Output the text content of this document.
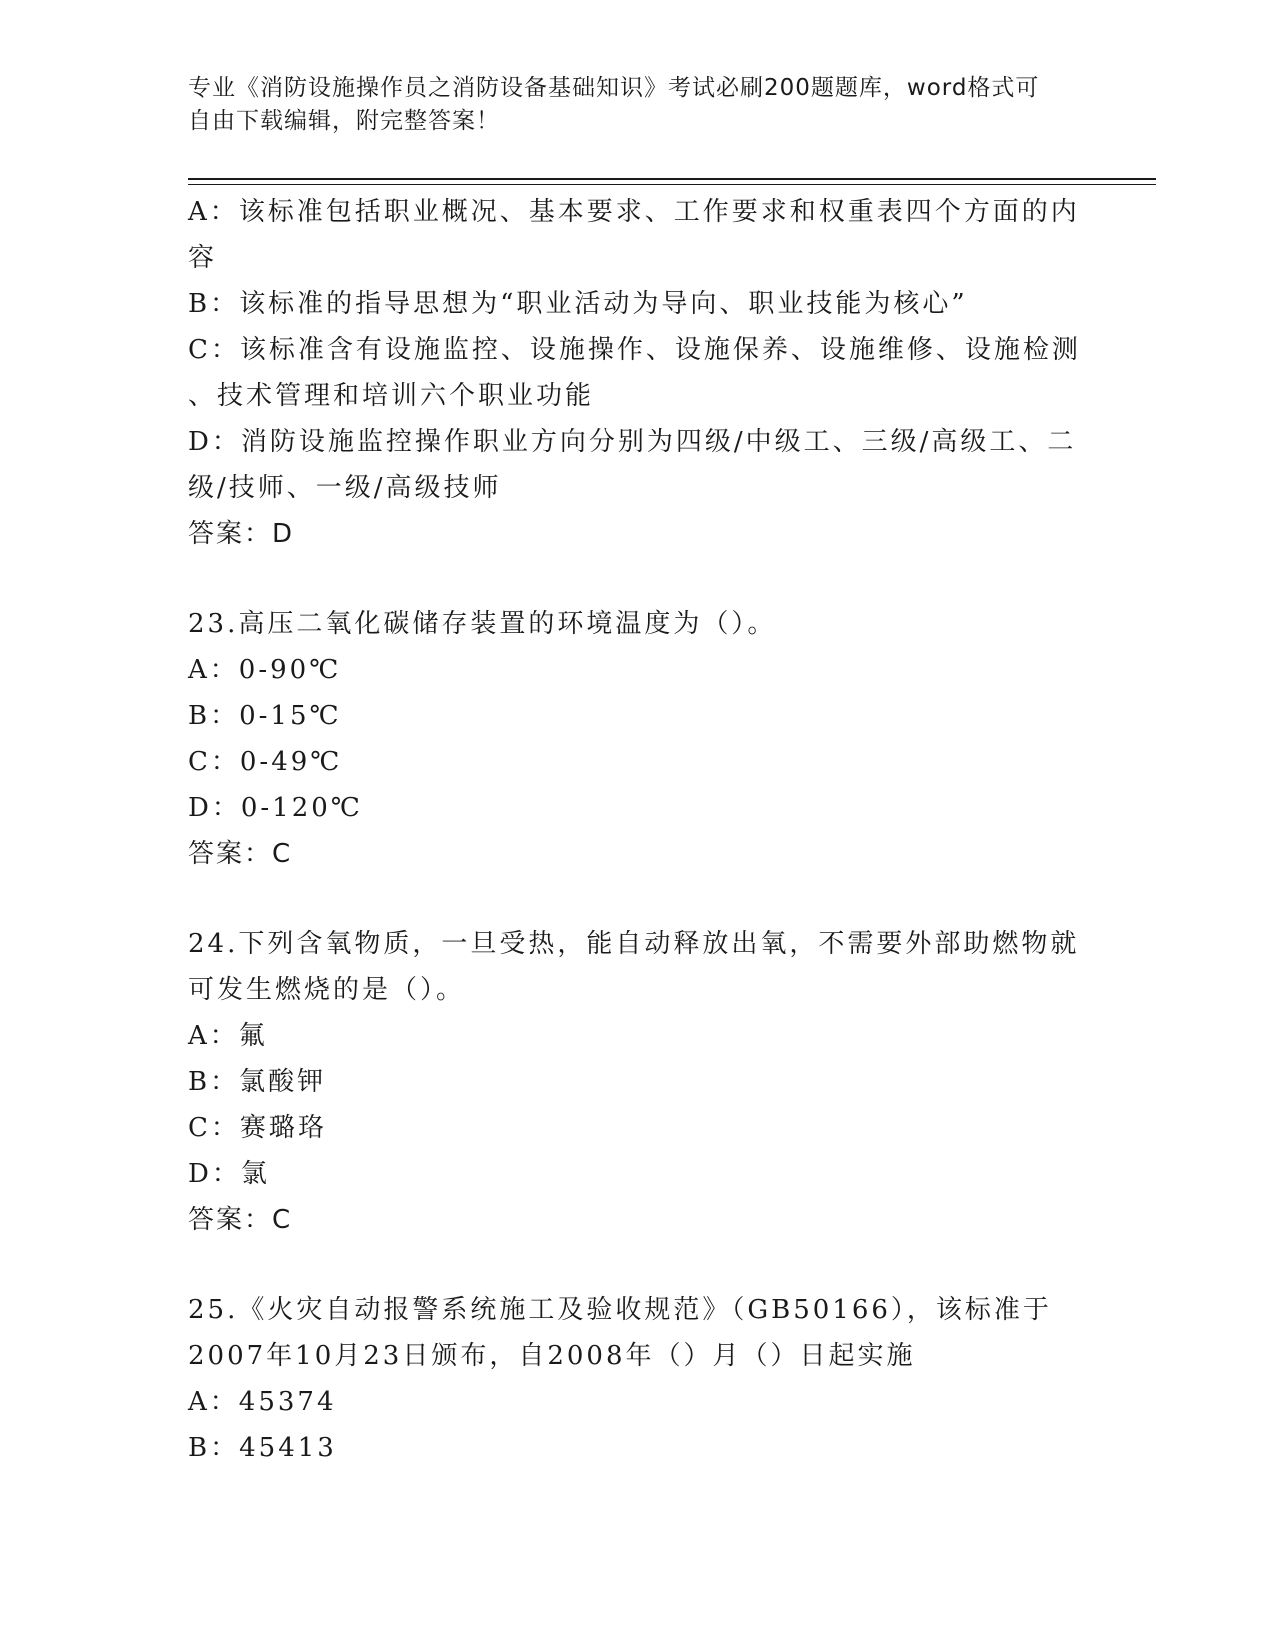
专业《消防设施操作员之消防设备基础知识》考试必刷200题题库，word格式可
自由下载编辑，附完整答案！
A：该标准包括职业概况、基本要求、工作要求和权重表四个方面的内
容
B：该标准的指导思想为“职业活动为导向、职业技能为核心”
C：该标准含有设施监控、设施操作、设施保养、设施维修、设施检测
、技术管理和培训六个职业功能
D：消防设施监控操作职业方向分别为四级/中级工、三级/高级工、二
级/技师、一级/高级技师
答案：D
23.高压二氧化碳储存装置的环境温度为（）。
A：0-90℃
B：0-15℃
C：0-49℃
D：0-120℃
答案：C
24.下列含氧物质，一旦受热，能自动释放出氧，不需要外部助燃物就
可发生燃烧的是（）。
A：氟
B：氯酸钾
C：赛璐珞
D：氯
答案：C
25.《火灾自动报警系统施工及验收规范》（GB50166），该标准于
2007年10月23日颁布，自2008年（）月（）日起实施
A：45374
B：45413
